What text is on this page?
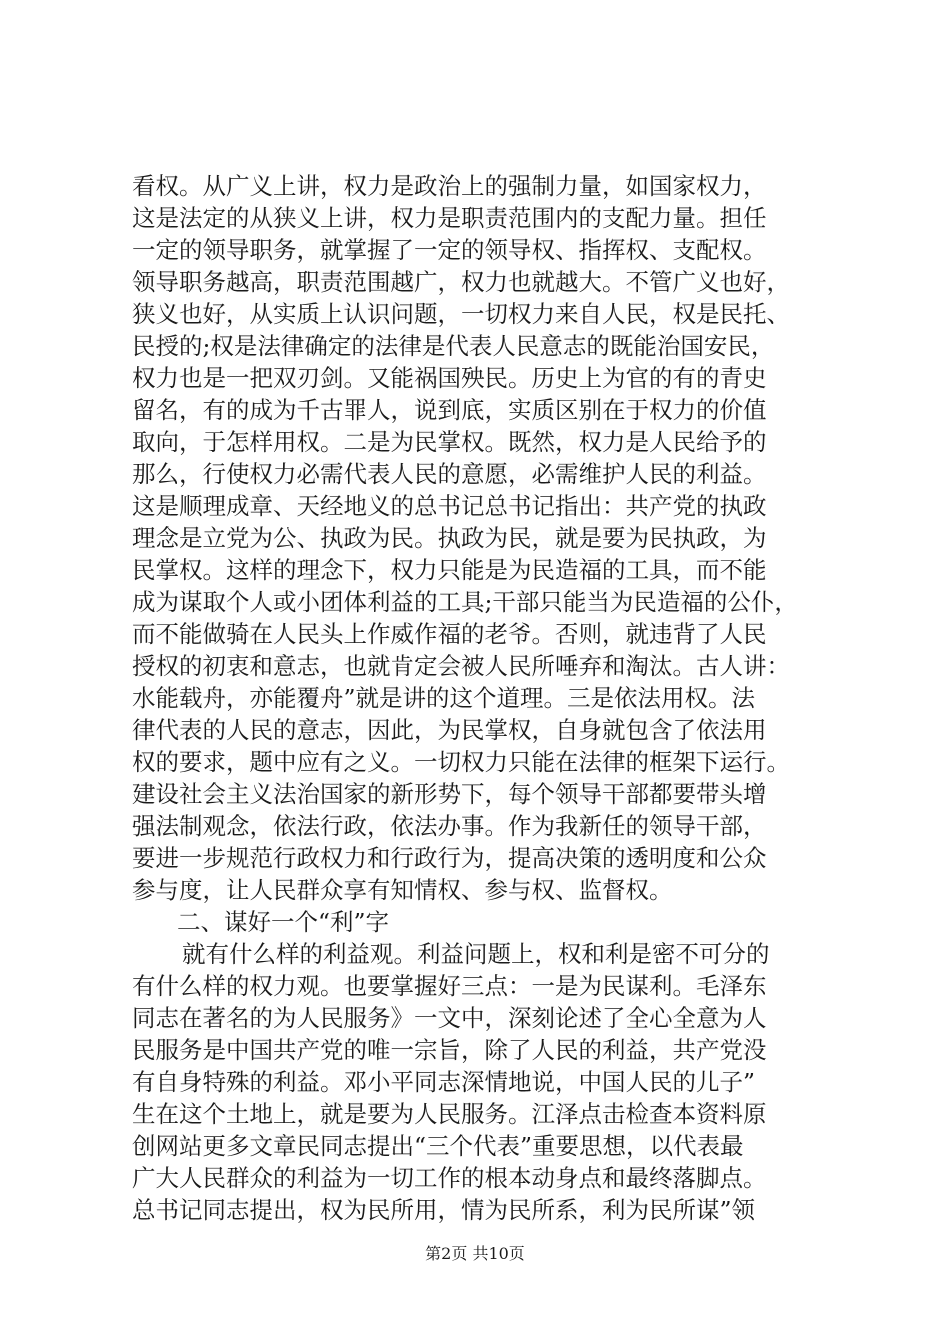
看权。从广义上讲，权力是政治上的强制力量，如国家权力，
这是法定的从狭义上讲，权力是职责范围内的支配力量。担任
一定的领导职务，就掌握了一定的领导权、指挥权、支配权。
领导职务越高，职责范围越广，权力也就越大。不管广义也好，
狭义也好，从实质上认识问题，一切权力来自人民，权是民托、
民授的;权是法律确定的法律是代表人民意志的既能治国安民，
权力也是一把双刃剑。又能祸国殃民。历史上为官的有的青史
留名，有的成为千古罪人，说到底，实质区别在于权力的价值
取向，于怎样用权。二是为民掌权。既然，权力是人民给予的
那么，行使权力必需代表人民的意愿，必需维护人民的利益。
这是顺理成章、天经地义的总书记总书记指出：共产党的执政
理念是立党为公、执政为民。执政为民，就是要为民执政，为
民掌权。这样的理念下，权力只能是为民造福的工具，而不能
成为谋取个人或小团体利益的工具;干部只能当为民造福的公仆，
而不能做骑在人民头上作威作福的老爷。否则，就违背了人民
授权的初衷和意志，也就肯定会被人民所唾弃和淘汰。古人讲：
水能载舟，亦能覆舟”就是讲的这个道理。三是依法用权。法
律代表的人民的意志，因此，为民掌权，自身就包含了依法用
权的要求，题中应有之义。一切权力只能在法律的框架下运行。
建设社会主义法治国家的新形势下，每个领导干部都要带头增
强法制观念，依法行政，依法办事。作为我新任的领导干部，
要进一步规范行政权力和行政行为，提高决策的透明度和公众
参与度，让人民群众享有知情权、参与权、监督权。
二、谋好一个“利”字
就有什么样的利益观。利益问题上，权和利是密不可分的
有什么样的权力观。也要掌握好三点：一是为民谋利。毛泽东
同志在著名的为人民服务》一文中，深刻论述了全心全意为人
民服务是中国共产党的唯一宗旨，除了人民的利益，共产党没
有自身特殊的利益。邓小平同志深情地说，中国人民的儿子”
生在这个土地上，就是要为人民服务。江泽点击检查本资料原
创网站更多文章民同志提出“三个代表”重要思想，以代表最
广大人民群众的利益为一切工作的根本动身点和最终落脚点。
总书记同志提出，权为民所用，情为民所系，利为民所谋”领
第2页 共10页
